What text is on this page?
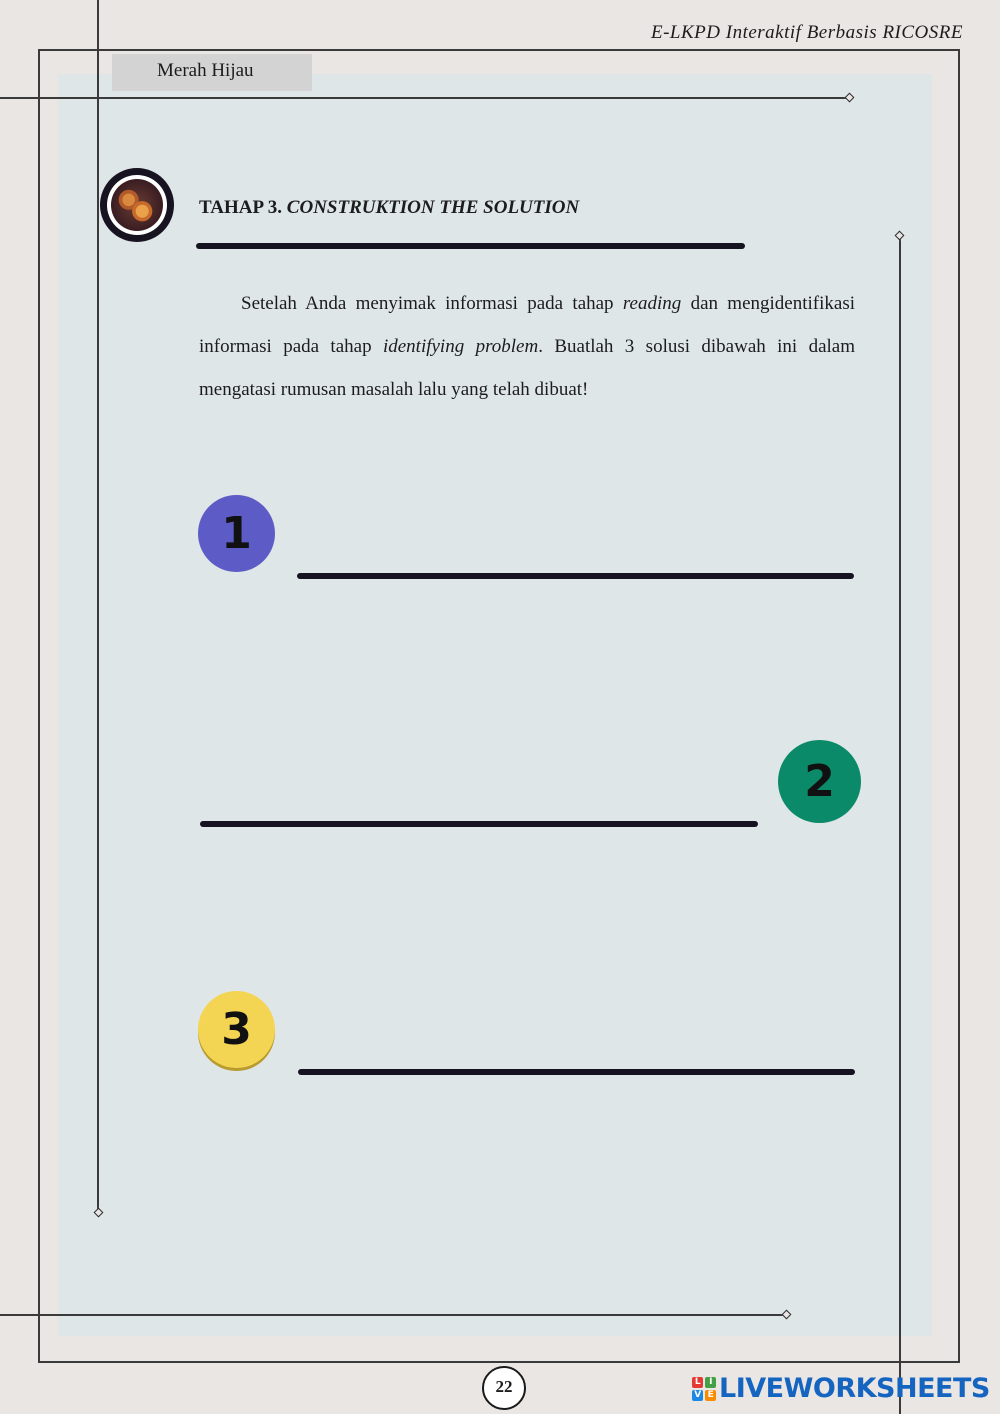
E-LKPD Interaktif Berbasis RICOSRE
Merah Hijau
TAHAP 3. CONSTRUKTION THE SOLUTION
Setelah Anda menyimak informasi pada tahap reading dan mengidentifikasi informasi pada tahap identifying problem. Buatlah 3 solusi dibawah ini dalam mengatasi rumusan masalah lalu yang telah dibuat!
1
2
3
22	L I
V E LIVEWORKSHEETS
